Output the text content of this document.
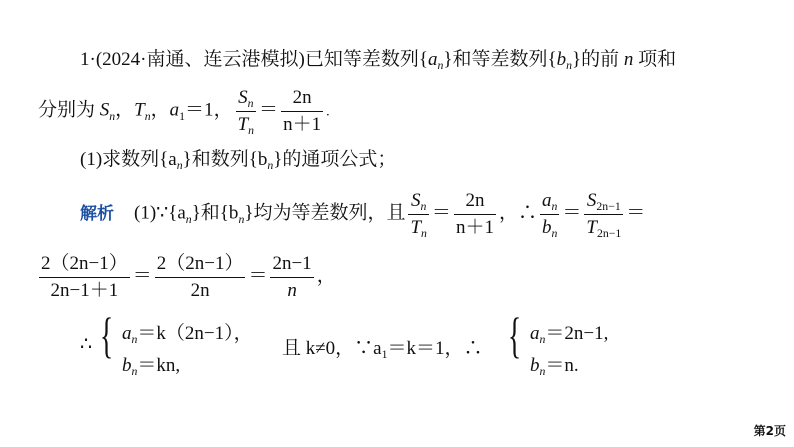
1·(2024·南通、连云港模拟)已知等差数列$\{a_n\}$和等差数列$\{b_n\}$的前 n 项和
分别为 $S_n$，$T_n$，$a_1=1$， $\frac{S_n}{T_n} = \frac{2n}{n+1}$ .
(1)求数列$\{a_n\}$和数列$\{b_n\}$的通项公式；
解析 $(1)\because\{a_n\}$和$\{b_n\}$均为等差数列，且 $\frac{S_n}{T_n} = \frac{2n}{n+1}$ ，∴ $\frac{a_n}{b_n} = \frac{S_{2n-1}}{T_{2n-1}}$ ＝
$\frac{2(2n-1)}{2n-1+1} = \frac{2(2n-1)}{2n} = \frac{2n-1}{n}$ ，
∴ { $a_n=k(2n-1)$，
$b_n=kn$,
且 k≠0，$\because a_1=k=1$，∴ { $a_n=2n-1$,
$b_n=n$.
第2页
